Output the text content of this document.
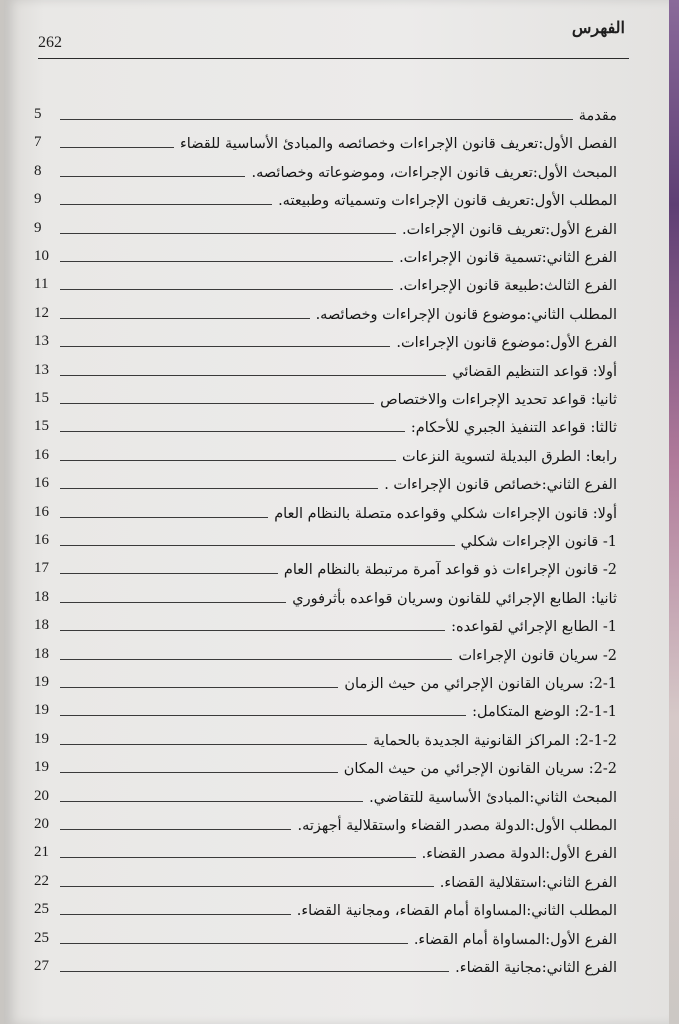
262
الفهرس
5	مقدمة
7	الفصل الأول:تعريف قانون الإجراءات وخصائصه والمبادئ الأساسية للقضاء
8	المبحث الأول:تعريف قانون الإجراءات، وموضوعاته وخصائصه.
9	المطلب الأول:تعريف قانون الإجراءات وتسمياته وطبيعته.
9	الفرع الأول:تعريف قانون الإجراءات.
10	الفرع الثاني:تسمية قانون الإجراءات.
11	الفرع الثالث:طبيعة قانون الإجراءات.
12	المطلب الثاني:موضوع قانون الإجراءات وخصائصه.
13	الفرع الأول:موضوع قانون الإجراءات.
13	أولا: قواعد التنظيم القضائي
15	ثانيا: قواعد تحديد الإجراءات والاختصاص
15	ثالثا: قواعد التنفيذ الجبري للأحكام:
16	رابعا: الطرق البديلة لتسوية النزعات
16	الفرع الثاني:خصائص قانون الإجراءات .
16	أولا: قانون الإجراءات شكلي وقواعده متصلة بالنظام العام
16	1- قانون الإجراءات شكلي
17	2- قانون الإجراءات ذو قواعد آمرة مرتبطة بالنظام العام
18	ثانيا: الطابع الإجرائي للقانون وسريان قواعده بأثرفوري
18	1- الطابع الإجرائي لقواعده:
18	2- سريان قانون الإجراءات
19	2-1: سريان القانون الإجرائي من حيث الزمان
19	2-1-1: الوضع المتكامل:
19	2-1-2: المراكز القانونية الجديدة بالحماية
19	2-2: سريان القانون الإجرائي من حيث المكان
20	المبحث الثاني:المبادئ الأساسية للتقاضي.
20	المطلب الأول:الدولة مصدر القضاء واستقلالية أجهزته.
21	الفرع الأول:الدولة مصدر القضاء.
22	الفرع الثاني:استقلالية القضاء.
25	المطلب الثاني:المساواة أمام القضاء، ومجانية القضاء.
25	الفرع الأول:المساواة أمام القضاء.
27	الفرع الثاني:مجانية القضاء.
